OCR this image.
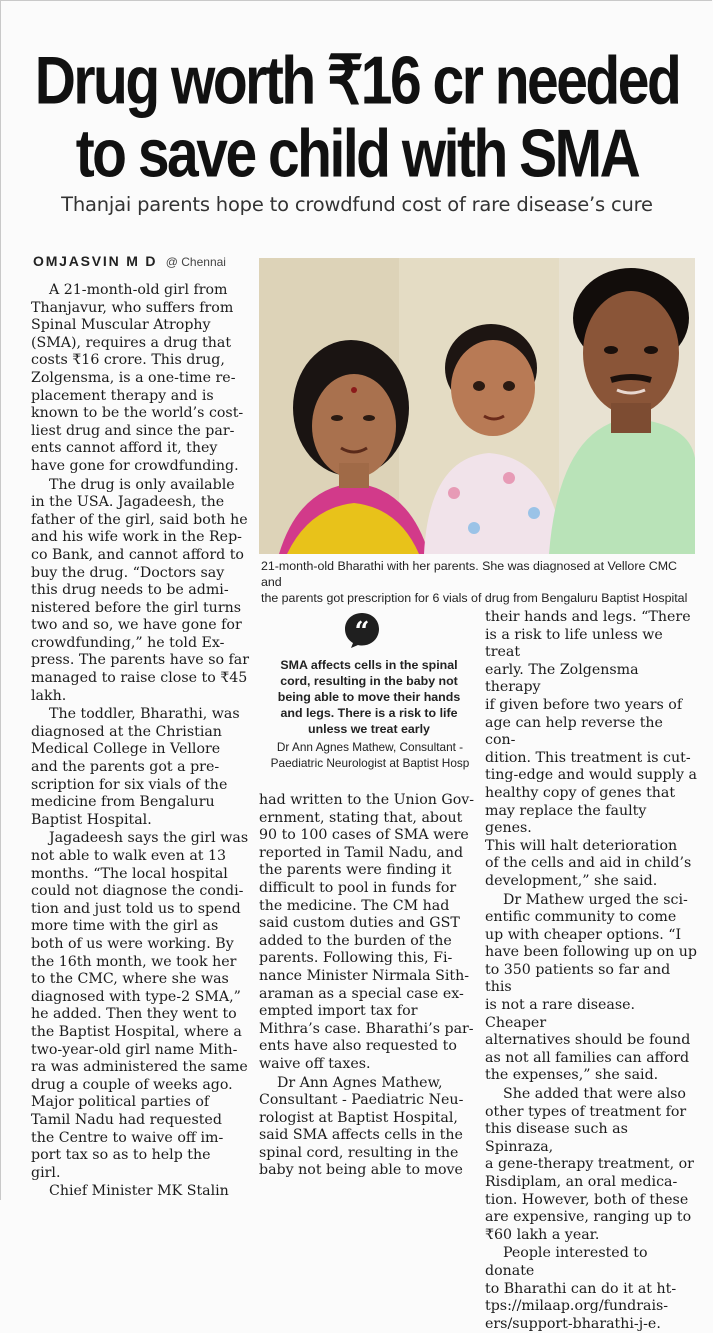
Drug worth ₹16 cr needed
to save child with SMA
Thanjai parents hope to crowdfund cost of rare disease’s cure
OMJASVIN M D @ Chennai

A 21-month-old girl from
Thanjavur, who suffers from
Spinal Muscular Atrophy
(SMA), requires a drug that
costs ₹16 crore. This drug,
Zolgensma, is a one-time re-
placement therapy and is
known to be the world’s cost-
liest drug and since the par-
ents cannot afford it, they
have gone for crowdfunding.

The drug is only available
in the USA. Jagadeesh, the
father of the girl, said both he
and his wife work in the Rep-
co Bank, and cannot afford to
buy the drug. “Doctors say
this drug needs to be admi-
nistered before the girl turns
two and so, we have gone for
crowdfunding,” he told Ex-
press. The parents have so far
managed to raise close to ₹45
lakh.

The toddler, Bharathi, was
diagnosed at the Christian
Medical College in Vellore
and the parents got a pre-
scription for six vials of the
medicine from Bengaluru
Baptist Hospital.

Jagadeesh says the girl was
not able to walk even at 13
months. “The local hospital
could not diagnose the condi-
tion and just told us to spend
more time with the girl as
both of us were working. By
the 16th month, we took her
to the CMC, where she was
diagnosed with type-2 SMA,”
he added. Then they went to
the Baptist Hospital, where a
two-year-old girl name Mith-
ra was administered the same
drug a couple of weeks ago.
Major political parties of
Tamil Nadu had requested
the Centre to waive off im-
port tax so as to help the
girl.

Chief Minister MK Stalin

21-month-old Bharathi with her parents. She was diagnosed at Vellore CMC and
the parents got prescription for 6 vials of drug from Bengaluru Baptist Hospital
“
SMA affects cells in the spinal
cord, resulting in the baby not
being able to move their hands
and legs. There is a risk to life
unless we treat early
Dr Ann Agnes Mathew, Consultant -
Paediatric Neurologist at Baptist Hosp

had written to the Union Gov-
ernment, stating that, about
90 to 100 cases of SMA were
reported in Tamil Nadu, and
the parents were finding it
difficult to pool in funds for
the medicine. The CM had
said custom duties and GST
added to the burden of the
parents. Following this, Fi-
nance Minister Nirmala Sith-
araman as a special case ex-
empted import tax for
Mithra’s case. Bharathi’s par-
ents have also requested to
waive off taxes.

Dr Ann Agnes Mathew,
Consultant - Paediatric Neu-
rologist at Baptist Hospital,
said SMA affects cells in the
spinal cord, resulting in the
baby not being able to move

their hands and legs. “There
is a risk to life unless we treat
early. The Zolgensma therapy
if given before two years of
age can help reverse the con-
dition. This treatment is cut-
ting-edge and would supply a
healthy copy of genes that
may replace the faulty genes.
This will halt deterioration
of the cells and aid in child’s
development,” she said.

Dr Mathew urged the sci-
entific community to come
up with cheaper options. “I
have been following up on up
to 350 patients so far and this
is not a rare disease. Cheaper
alternatives should be found
as not all families can afford
the expenses,” she said.

She added that were also
other types of treatment for
this disease such as Spinraza,
a gene-therapy treatment, or
Risdiplam, an oral medica-
tion. However, both of these
are expensive, ranging up to
₹60 lakh a year.

People interested to donate
to Bharathi can do it at ht-
tps://milaap.org/fundrais-
ers/support-bharathi-j-e.
